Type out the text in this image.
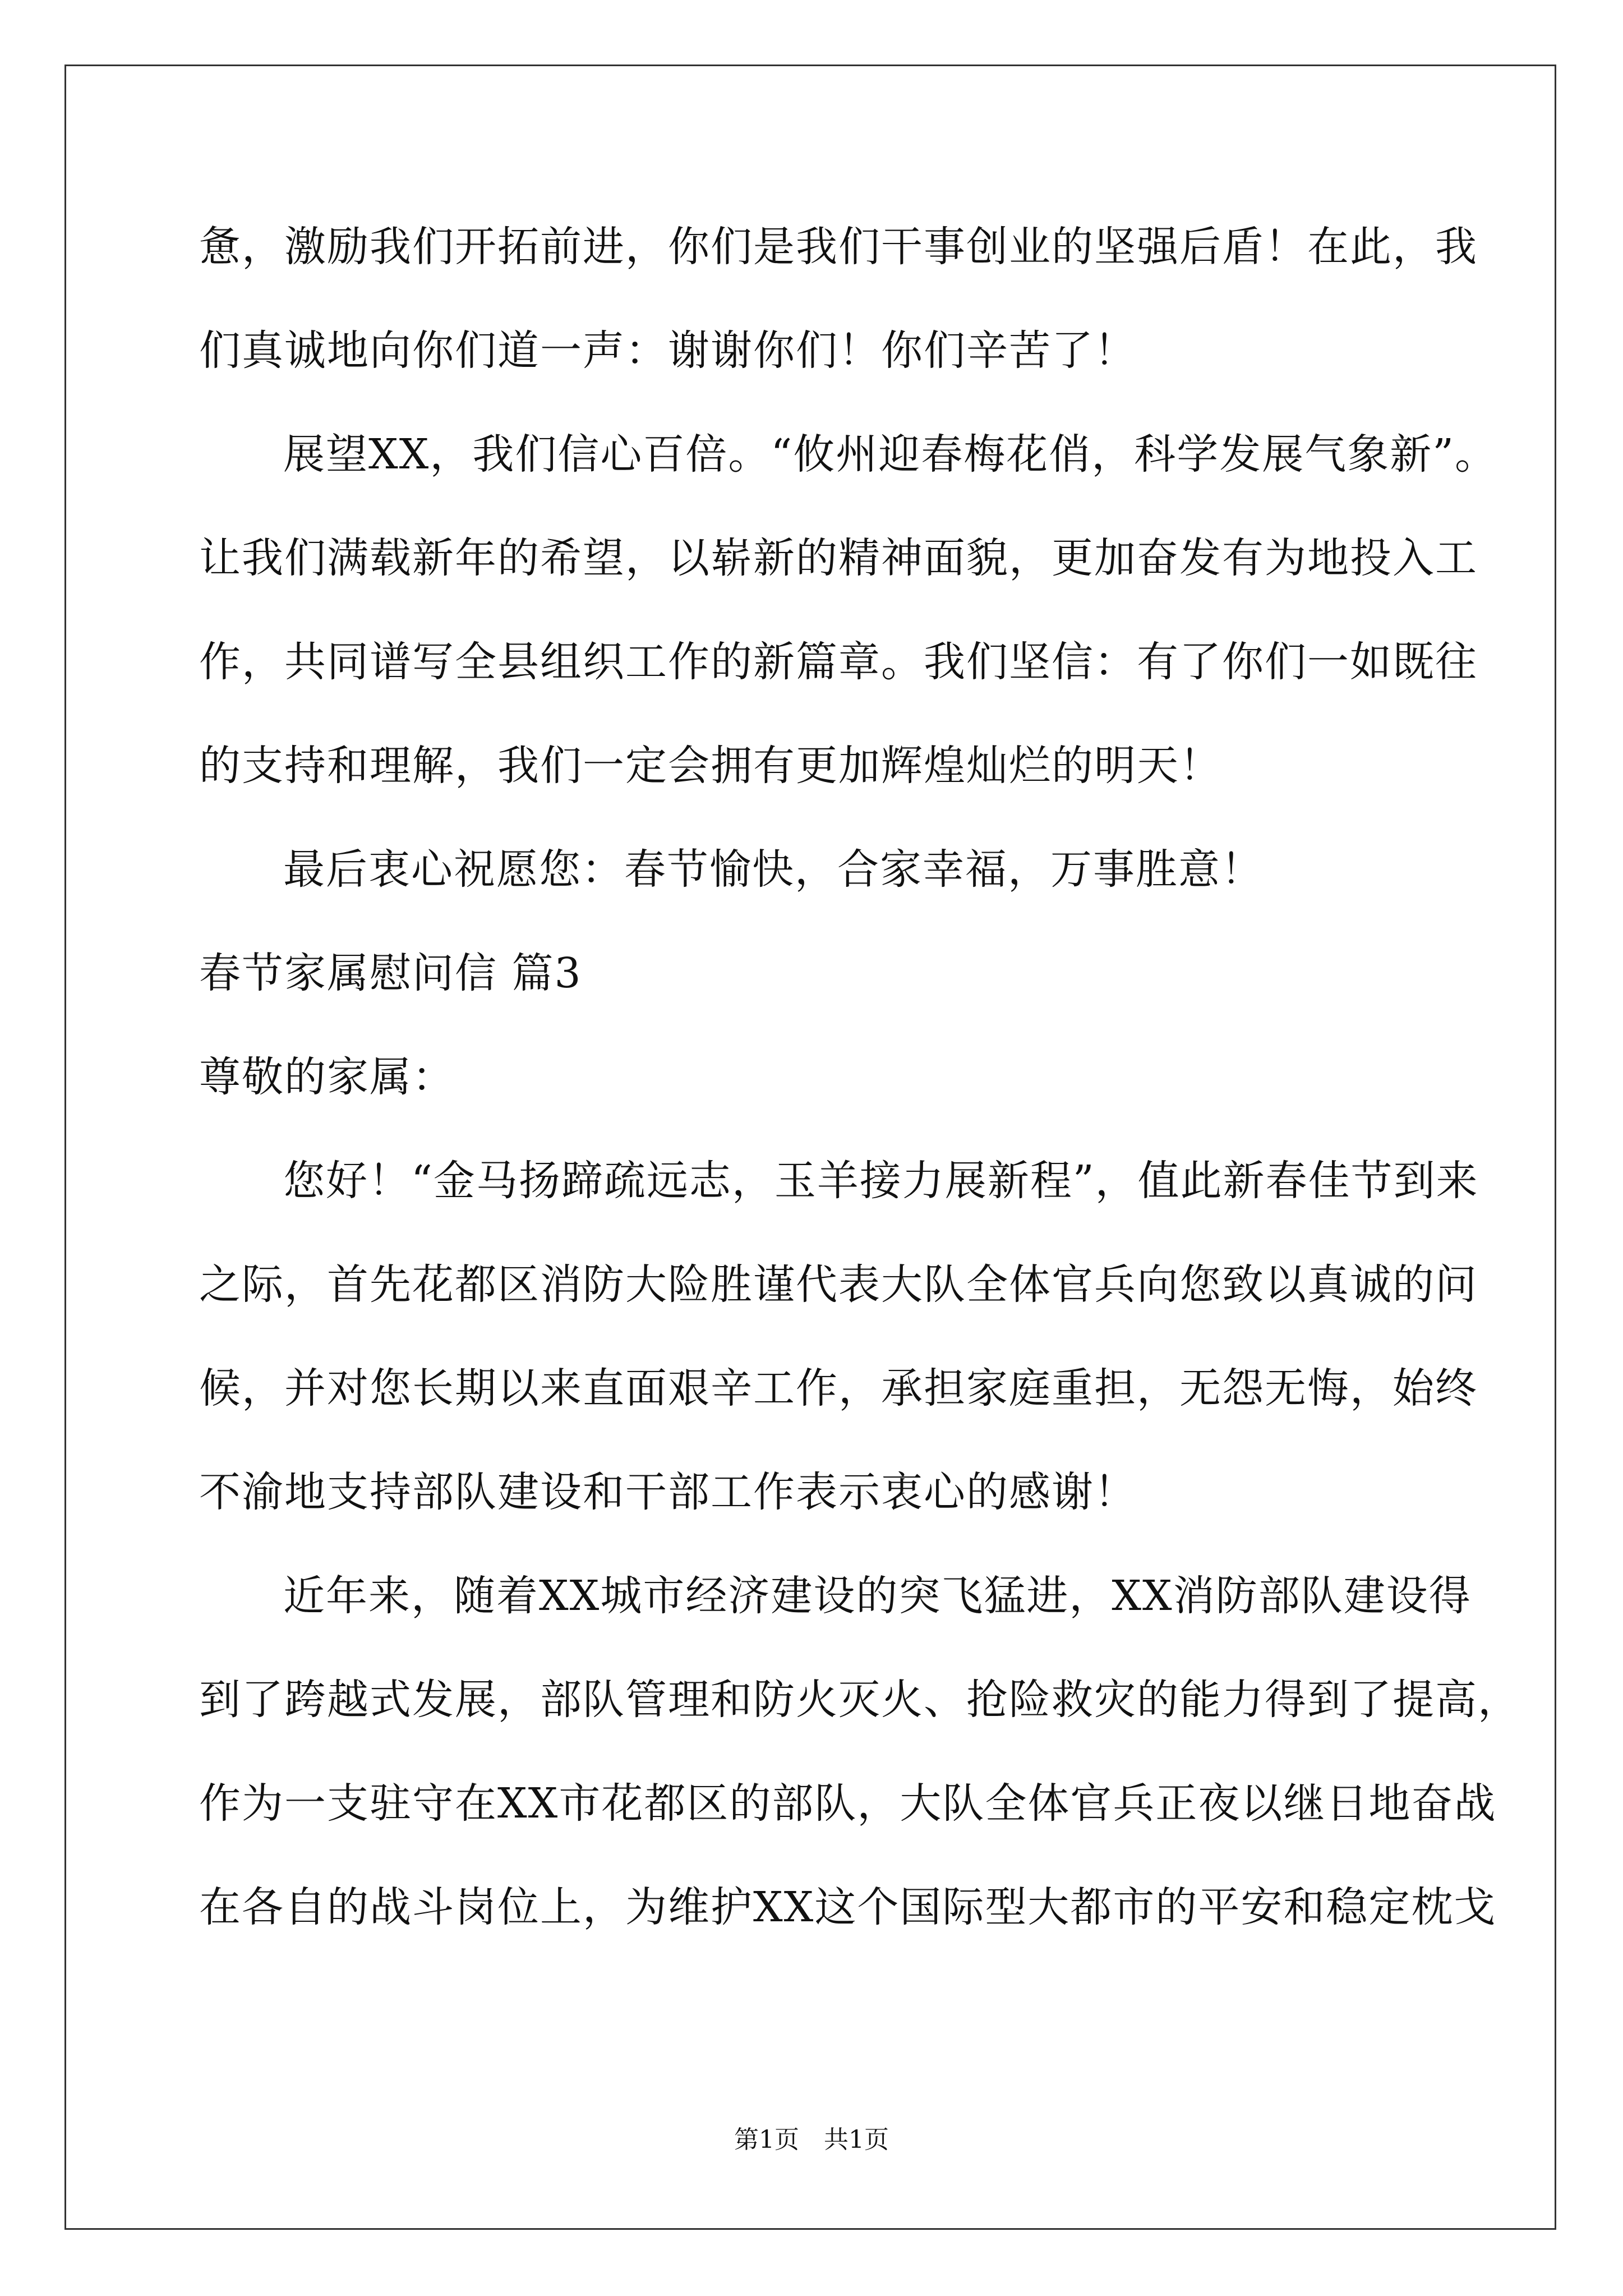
惫，激励我们开拓前进，你们是我们干事创业的坚强后盾！在此，我
们真诚地向你们道一声：谢谢你们！你们辛苦了！
展望XX，我们信心百倍。“攸州迎春梅花俏，科学发展气象新”。
让我们满载新年的希望，以崭新的精神面貌，更加奋发有为地投入工
作，共同谱写全县组织工作的新篇章。我们坚信：有了你们一如既往
的支持和理解，我们一定会拥有更加辉煌灿烂的明天！
最后衷心祝愿您：春节愉快，合家幸福，万事胜意！
春节家属慰问信 篇3
尊敬的家属：
您好！“金马扬蹄疏远志，玉羊接力展新程”，值此新春佳节到来
之际，首先花都区消防大险胜谨代表大队全体官兵向您致以真诚的问
候，并对您长期以来直面艰辛工作，承担家庭重担，无怨无悔，始终
不渝地支持部队建设和干部工作表示衷心的感谢！
近年来，随着XX城市经济建设的突飞猛进，XX消防部队建设得
到了跨越式发展，部队管理和防火灭火、抢险救灾的能力得到了提高，
作为一支驻守在XX市花都区的部队，大队全体官兵正夜以继日地奋战
在各自的战斗岗位上，为维护XX这个国际型大都市的平安和稳定枕戈
第1页　共1页
